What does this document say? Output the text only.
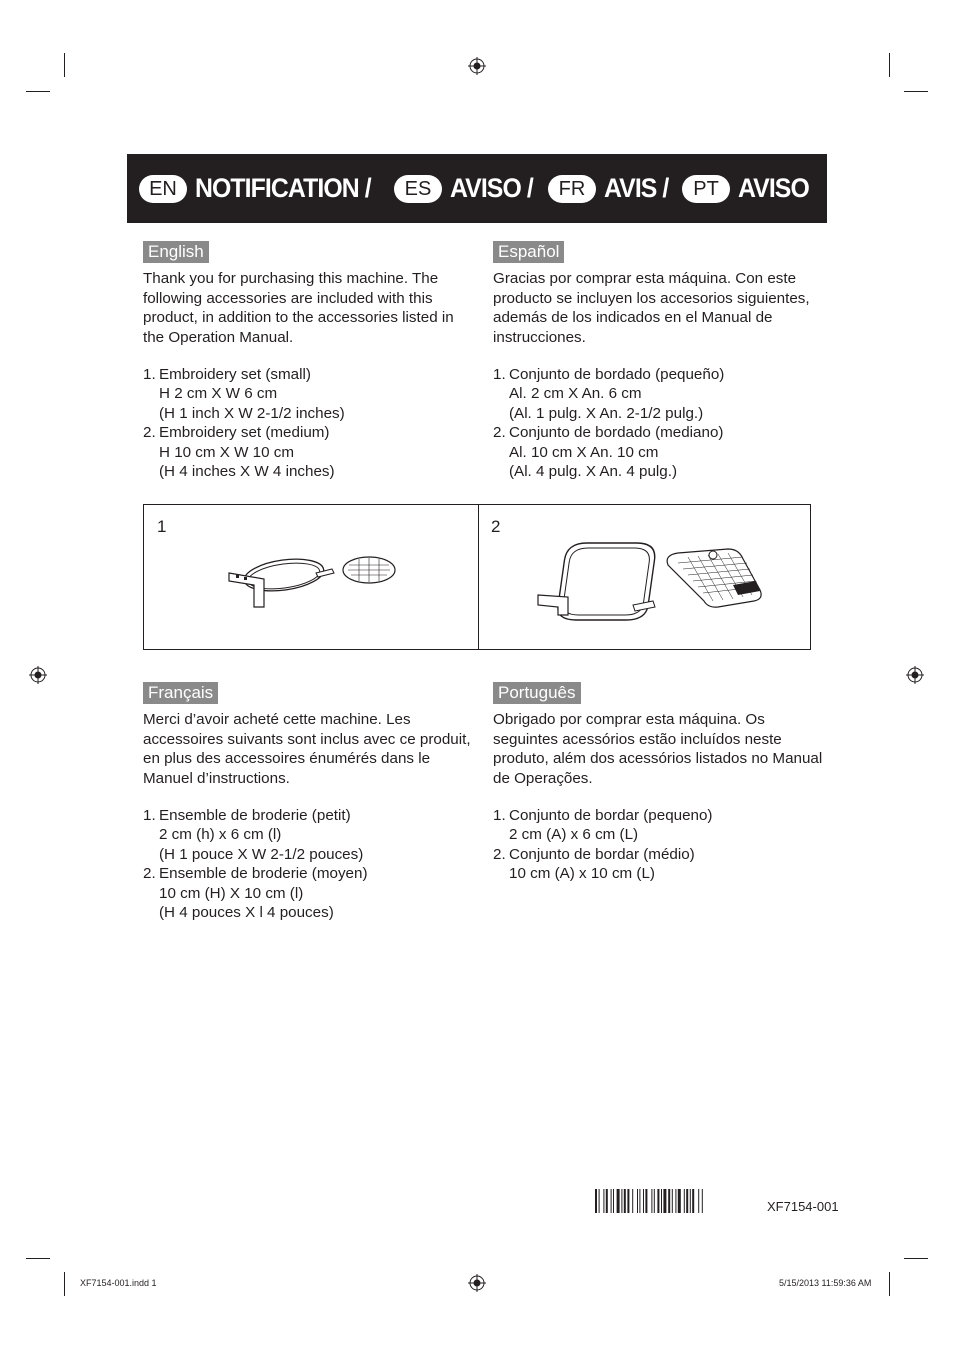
EN NOTIFICATION /	ES AVISO /	FR AVIS /	PT AVISO
English

Thank you for purchasing this machine. The following accessories are included with this product, in addition to the accessories listed in the Operation Manual.

1. Embroidery set (small)
H 2 cm X W 6 cm
(H 1 inch X W 2-1/2 inches)
2. Embroidery set (medium)
H 10 cm X W 10 cm
(H 4 inches X W 4 inches)
Español

Gracias por comprar esta máquina. Con este producto se incluyen los accesorios siguientes, además de los indicados en el Manual de instrucciones.

1. Conjunto de bordado (pequeño)
Al. 2 cm X An. 6 cm
(Al. 1 pulg. X An. 2-1/2 pulg.)
2. Conjunto de bordado (mediano)
Al. 10 cm X An. 10 cm
(Al. 4 pulg. X An. 4 pulg.)
1	2
Français

Merci d’avoir acheté cette machine. Les accessoires suivants sont inclus avec ce produit, en plus des accessoires énumérés dans le Manuel d’instructions.

1. Ensemble de broderie (petit)
2 cm (h) x 6 cm (l)
(H 1 pouce X W 2-1/2 pouces)
2. Ensemble de broderie (moyen)
10 cm (H) X 10 cm (l)
(H 4 pouces X l 4 pouces)
Português

Obrigado por comprar esta máquina. Os seguintes acessórios estão incluídos neste produto, além dos acessórios listados no Manual de Operações.

1. Conjunto de bordar (pequeno)
2 cm (A) x 6 cm (L)
2. Conjunto de bordar (médio)
10 cm (A) x 10 cm (L)
XF7154-001
XF7154-001.indd 1	5/15/2013 11:59:36 AM
